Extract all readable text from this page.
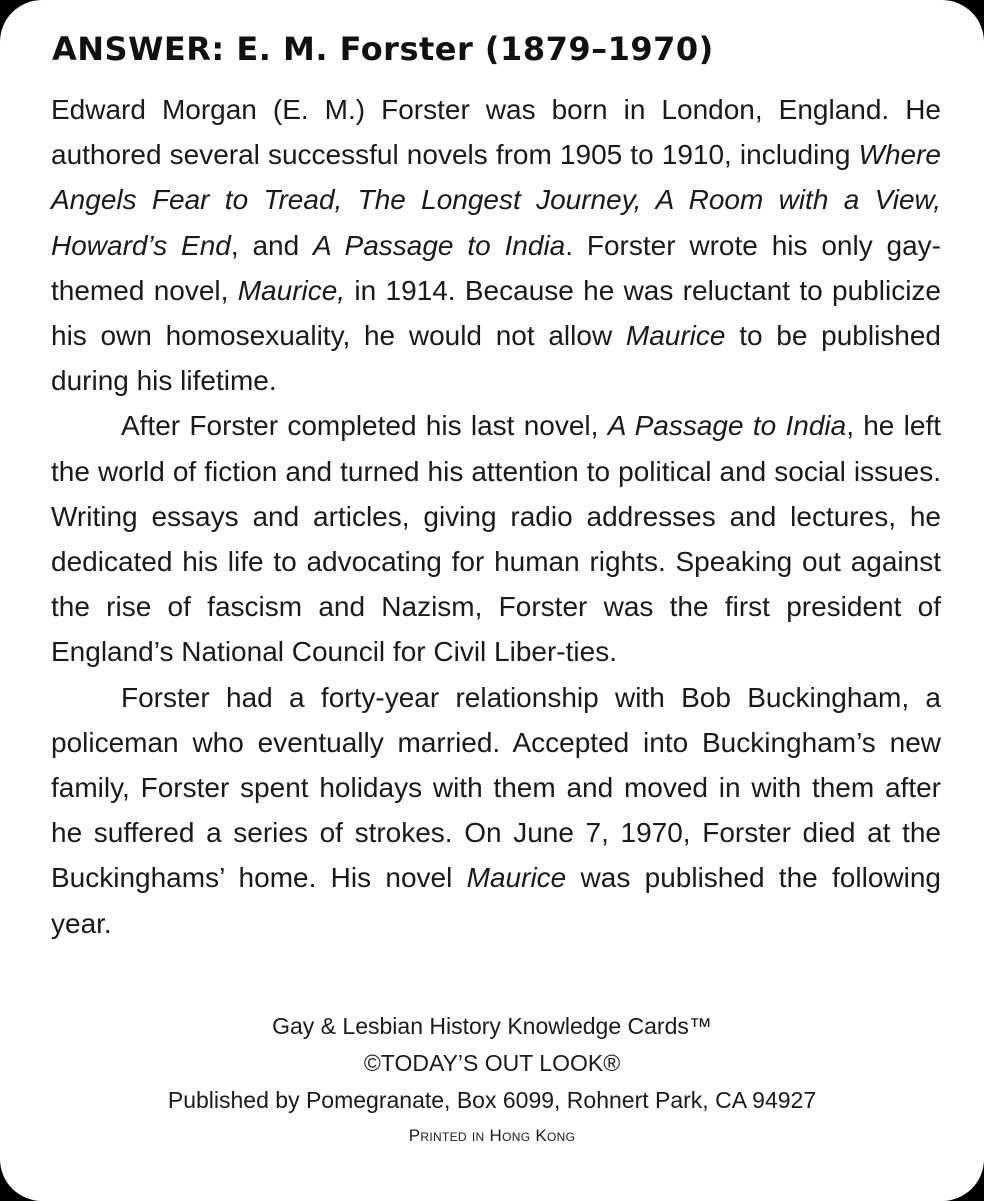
ANSWER: E. M. Forster (1879–1970)

Edward Morgan (E. M.) Forster was born in London, England. He authored several successful novels from 1905 to 1910, including Where Angels Fear to Tread, The Longest Journey, A Room with a View, Howard’s End, and A Passage to India. Forster wrote his only gay-themed novel, Maurice, in 1914. Because he was reluctant to publicize his own homosexuality, he would not allow Maurice to be published during his lifetime.

After Forster completed his last novel, A Passage to India, he left the world of fiction and turned his attention to political and social issues. Writing essays and articles, giving radio addresses and lectures, he dedicated his life to advocating for human rights. Speaking out against the rise of fascism and Nazism, Forster was the first president of England’s National Council for Civil Liber-ties.

Forster had a forty-year relationship with Bob Buckingham, a policeman who eventually married. Accepted into Buckingham’s new family, Forster spent holidays with them and moved in with them after he suffered a series of strokes. On June 7, 1970, Forster died at the Buckinghams’ home. His novel Maurice was published the following year.

Gay & Lesbian History Knowledge Cards™
©TODAY’S OUT LOOK®
Published by Pomegranate, Box 6099, Rohnert Park, CA 94927
Printed in Hong Kong
